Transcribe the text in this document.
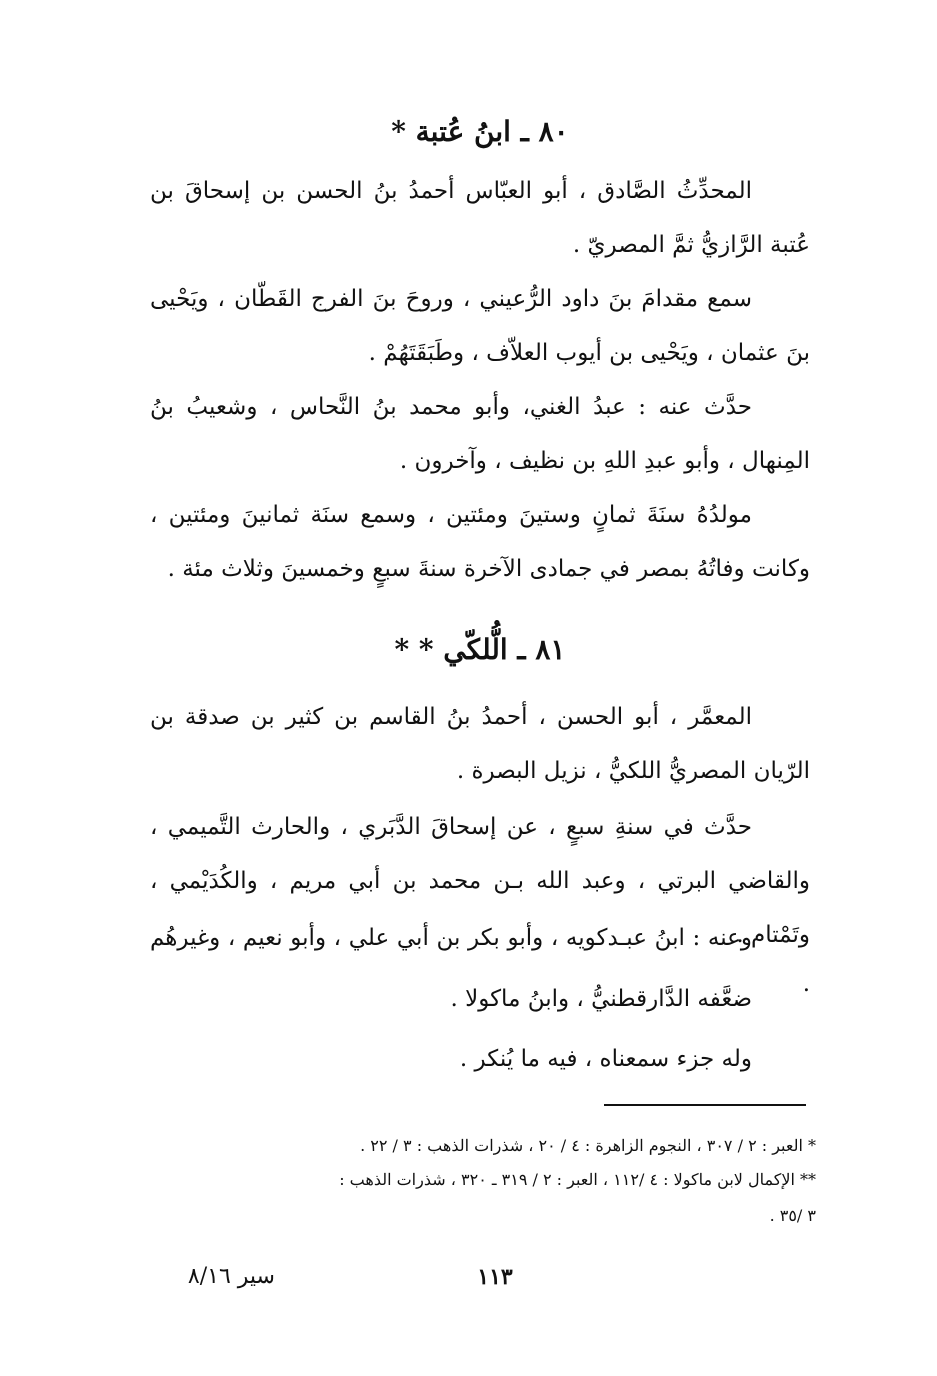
٨٠ ـ ابنُ عُتبة *
المحدِّثُ الصَّادق ، أبو العبّاس أحمدُ بنُ الحسن بن إسحاقَ بن عُتبة الرَّازيُّ ثمَّ المصريّ .
سمع مقدامَ بنَ داود الرُّعيني ، وروحَ بنَ الفرج القَطّان ، ويَحْيى بنَ عثمان ، ويَحْيى بن أيوب العلاّف ، وطَبَقَتَهُمْ .
حدَّث عنه : عبدُ الغني، وأبو محمد بنُ النَّحاس ، وشعيبُ بنُ المِنهال ، وأبو عبدِ اللهِ بن نظيف ، وآخرون .
مولدُهُ سنَةَ ثمانٍ وستينَ ومئتين ، وسمع سنَة ثمانينَ ومئتين ، وكانت وفاتُهُ بمصر في جمادى الآخرة سنةَ سبعٍ وخمسينَ وثلاث مئة .
٨١ ـ الُّلكّي * *
المعمَّر ، أبو الحسن ، أحمدُ بنُ القاسم بن كثير بن صدقة بن الرّيان المصريُّ اللكيُّ ، نزيل البصرة .
حدَّث في سنةِ سبعٍ ، عن إسحاقَ الدَّبَري ، والحارث التَّميمي ، والقاضي البرتي ، وعبد الله بـن محمد بن أبي مريم ، والكُدَيْمي ، وتَمْتام .
وعنه : ابنُ عبـدكويه ، وأبو بكر بن أبي علي ، وأبو نعيم ، وغيرهُم .
ضعَّفه الدَّارقطنيُّ ، وابنُ ماكولا .
وله جزء سمعناه ، فيه ما يُنكر .
* العبر : ٢ / ٣٠٧ ، النجوم الزاهرة : ٤ / ٢٠ ، شذرات الذهب : ٣ / ٢٢ .
** الإكمال لابن ماكولا : ٤ /١١٢ ، العبر : ٢ / ٣١٩ ـ ٣٢٠ ، شذرات الذهب :
٣ /٣٥ .
١١٣
سير ٨/١٦
